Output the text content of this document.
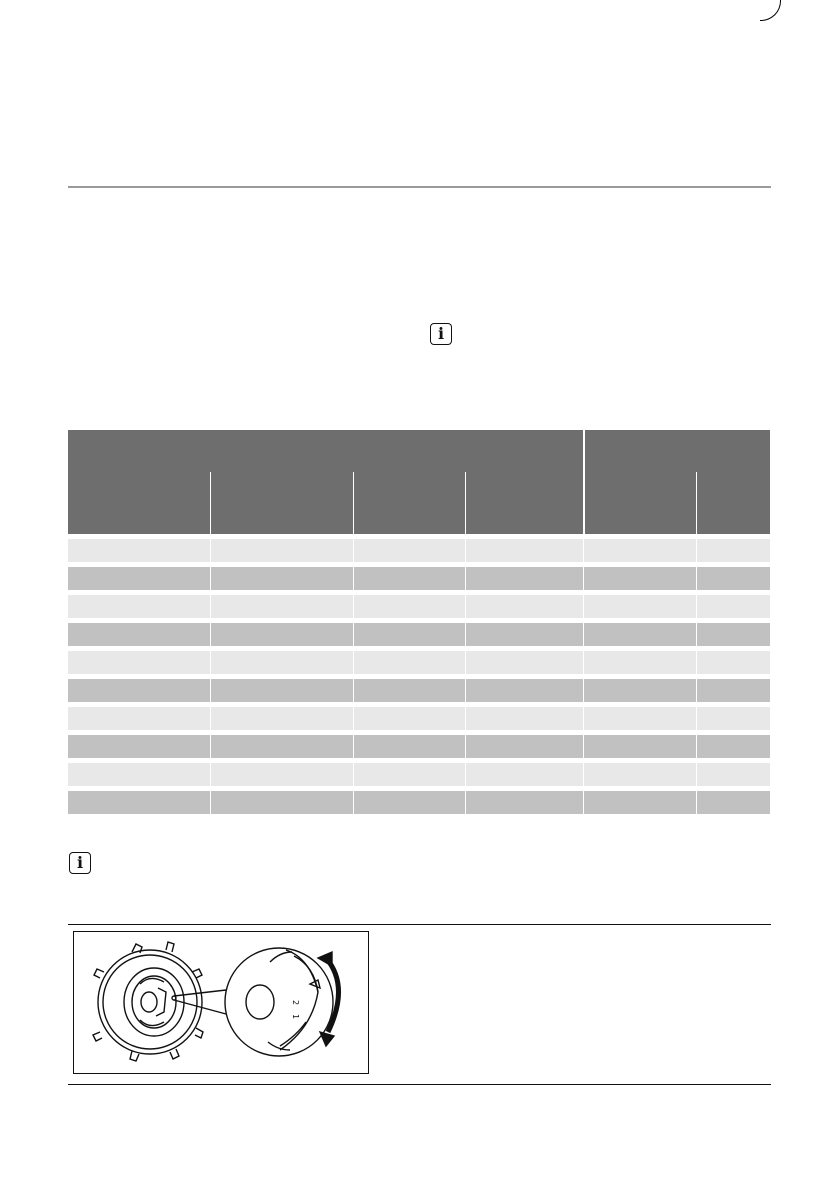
i
i
2
1
